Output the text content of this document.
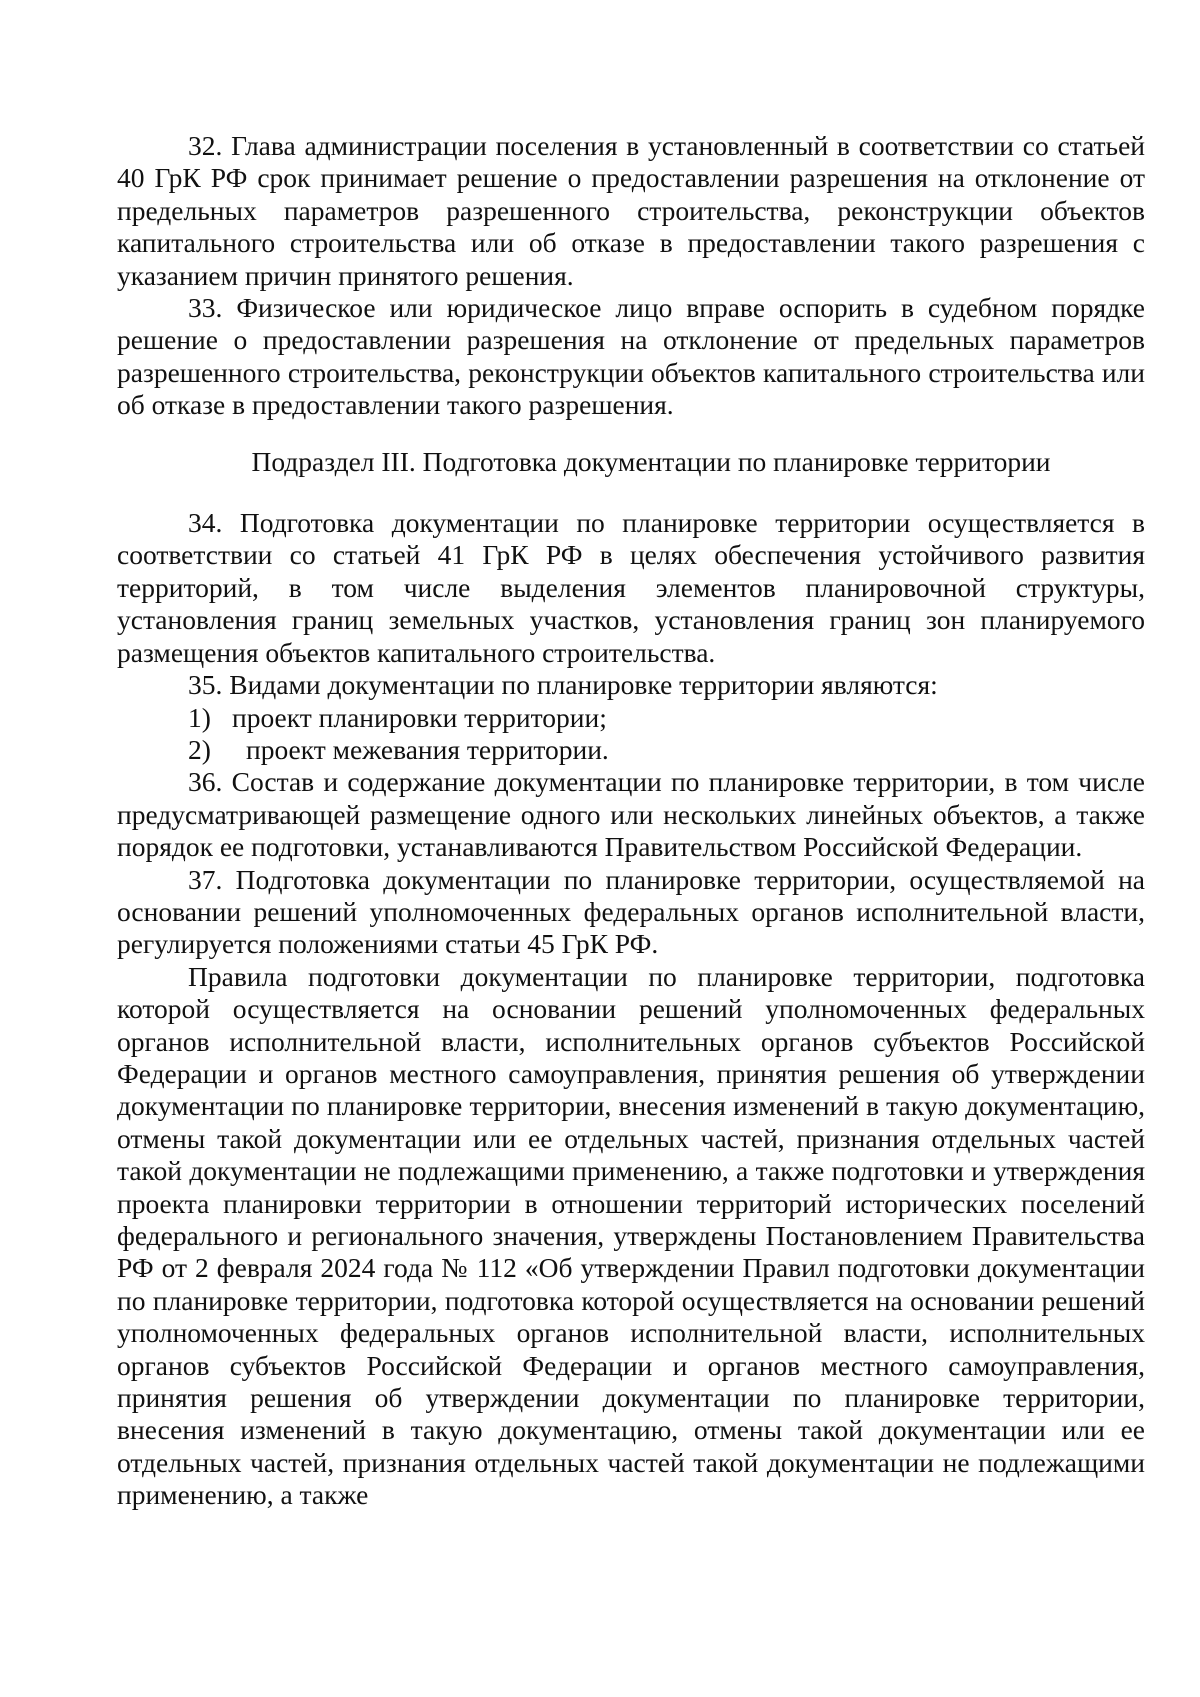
32. Глава администрации поселения в установленный в соответствии со статьей 40 ГрК РФ срок принимает решение о предоставлении разрешения на отклонение от предельных параметров разрешенного строительства, реконструкции объектов капитального строительства или об отказе в предоставлении такого разрешения с указанием причин принятого решения.

33. Физическое или юридическое лицо вправе оспорить в судебном порядке решение о предоставлении разрешения на отклонение от предельных параметров разрешенного строительства, реконструкции объектов капитального строительства или об отказе в предоставлении такого разрешения.

Подраздел III. Подготовка документации по планировке территории

34. Подготовка документации по планировке территории осуществляется в соответствии со статьей 41 ГрК РФ в целях обеспечения устойчивого развития территорий, в том числе выделения элементов планировочной структуры, установления границ земельных участков, установления границ зон планируемого размещения объектов капитального строительства.

35. Видами документации по планировке территории являются:

1) проект планировки территории;

2) проект межевания территории.

36. Состав и содержание документации по планировке территории, в том числе предусматривающей размещение одного или нескольких линейных объектов, а также порядок ее подготовки, устанавливаются Правительством Российской Федерации.

37. Подготовка документации по планировке территории, осуществляемой на основании решений уполномоченных федеральных органов исполнительной власти, регулируется положениями статьи 45 ГрК РФ.

Правила подготовки документации по планировке территории, подготовка которой осуществляется на основании решений уполномоченных федеральных органов исполнительной власти, исполнительных органов субъектов Российской Федерации и органов местного самоуправления, принятия решения об утверждении документации по планировке территории, внесения изменений в такую документацию, отмены такой документации или ее отдельных частей, признания отдельных частей такой документации не подлежащими применению, а также подготовки и утверждения проекта планировки территории в отношении территорий исторических поселений федерального и регионального значения, утверждены Постановлением Правительства РФ от 2 февраля 2024 года № 112 «Об утверждении Правил подготовки документации по планировке территории, подготовка которой осуществляется на основании решений уполномоченных федеральных органов исполнительной власти, исполнительных органов субъектов Российской Федерации и органов местного самоуправления, принятия решения об утверждении документации по планировке территории, внесения изменений в такую документацию, отмены такой документации или ее отдельных частей, признания отдельных частей такой документации не подлежащими применению, а также
